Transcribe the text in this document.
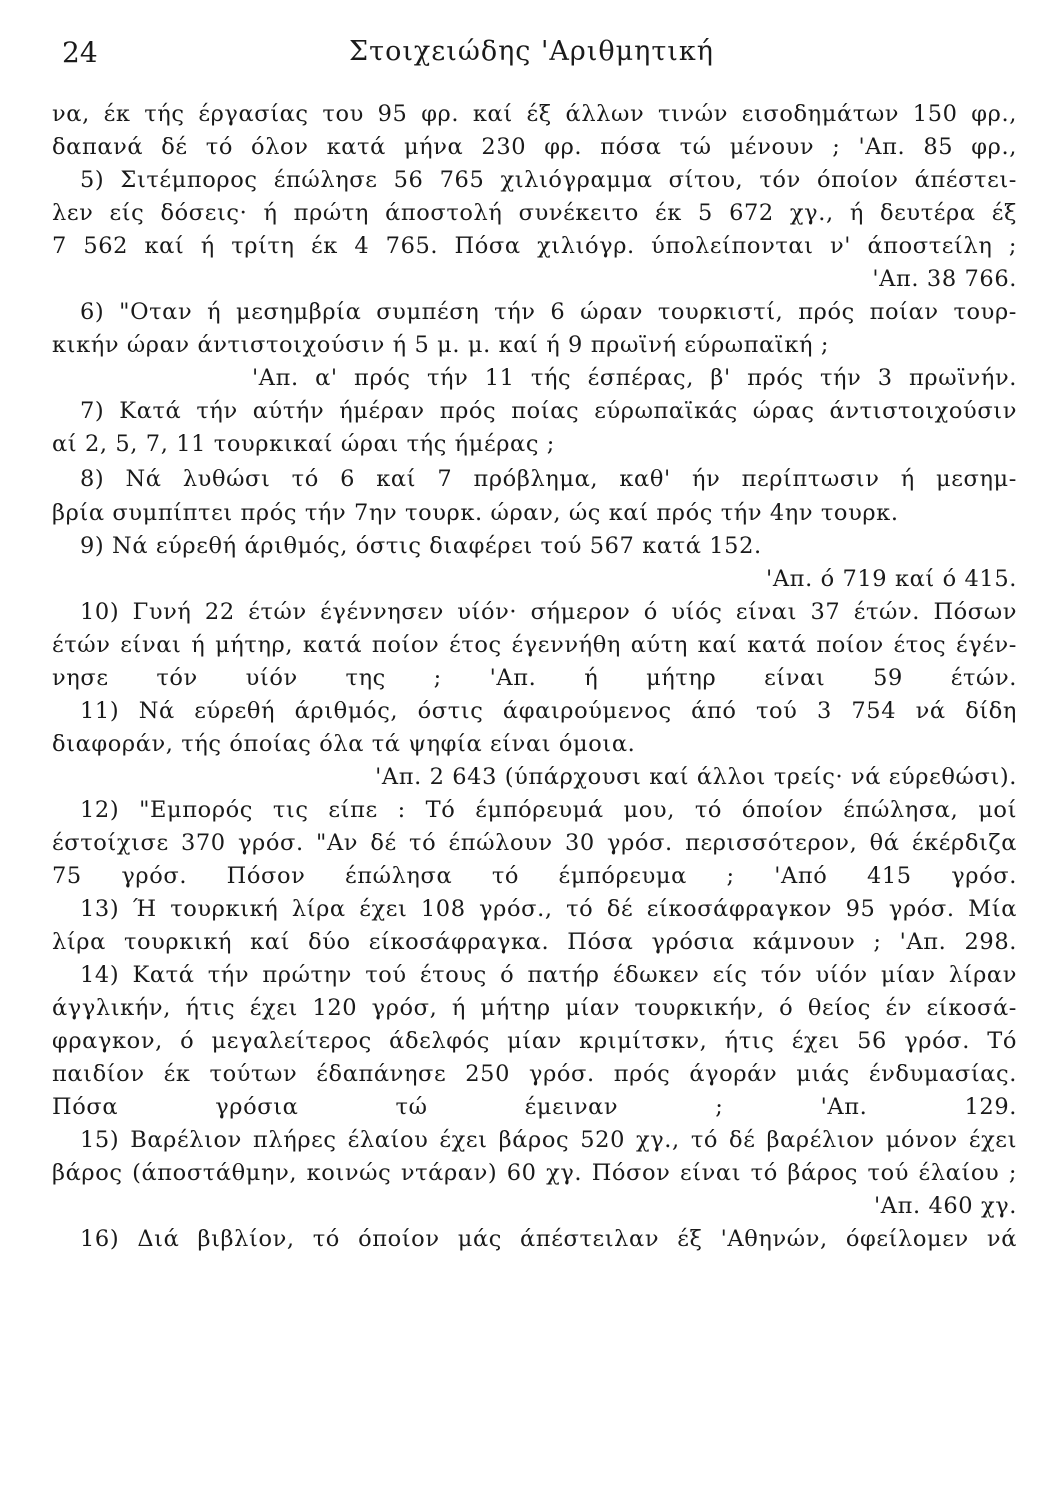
24	Στοιχειώδης 'Αριθμητική
να, έκ τής έργασίας του 95 φρ. καί έξ άλλων τινών εισοδημάτων 150 φρ.,
δαπανά δέ τό όλον κατά μήνα 230 φρ. πόσα τώ μένουν ; 'Απ. 85 φρ.,
5) Σιτέμπορος έπώλησε 56 765 χιλιόγραμμα σίτου, τόν όποίον άπέστει-
λεν είς δόσεις· ή πρώτη άποστολή συνέκειτο έκ 5 672 χγ., ή δευτέρα έξ
7 562 καί ή τρίτη έκ 4 765. Πόσα χιλιόγρ. ύπολείπονται ν' άποστείλη ;
'Απ. 38 766.
6) "Οταν ή μεσημβρία συμπέση τήν 6 ώραν τουρκιστί, πρός ποίαν τουρ-
κικήν ώραν άντιστοιχούσιν ή 5 μ. μ. καί ή 9 πρωϊνή εύρωπαϊκή ;
'Απ. α' πρός τήν 11 τής έσπέρας, β' πρός τήν 3 πρωϊνήν.
7) Κατά τήν αύτήν ήμέραν πρός ποίας εύρωπαϊκάς ώρας άντιστοιχούσιν
αί 2, 5, 7, 11 τουρκικαί ώραι τής ήμέρας ;
8) Νά λυθώσι τό 6 καί 7 πρόβλημα, καθ' ήν περίπτωσιν ή μεσημ-
βρία συμπίπτει πρός τήν 7ην τουρκ. ώραν, ώς καί πρός τήν 4ην τουρκ.
9) Νά εύρεθή άριθμός, όστις διαφέρει τού 567 κατά 152.
'Απ. ό 719 καί ό 415.
10) Γυνή 22 έτών έγέννησεν υίόν· σήμερον ό υίός είναι 37 έτών. Πόσων
έτών είναι ή μήτηρ, κατά ποίον έτος έγεννήθη αύτη καί κατά ποίον έτος έγέν-
νησε τόν υίόν της ; 'Απ. ή μήτηρ είναι 59 έτών.
11) Νά εύρεθή άριθμός, όστις άφαιρούμενος άπό τού 3 754 νά δίδη
διαφοράν, τής όποίας όλα τά ψηφία είναι όμοια.
'Απ. 2 643 (ύπάρχουσι καί άλλοι τρείς· νά εύρεθώσι).
12) "Εμπορός τις είπε : Τό έμπόρευμά μου, τό όποίον έπώλησα, μοί
έστοίχισε 370 γρόσ. "Αν δέ τό έπώλουν 30 γρόσ. περισσότερον, θά έκέρδιζα
75 γρόσ. Πόσον έπώλησα τό έμπόρευμα ; 'Από 415 γρόσ.
13) Ή τουρκική λίρα έχει 108 γρόσ., τό δέ είκοσάφραγκον 95 γρόσ. Μία
λίρα τουρκική καί δύο είκοσάφραγκα. Πόσα γρόσια κάμνουν ; 'Απ. 298.
14) Κατά τήν πρώτην τού έτους ό πατήρ έδωκεν είς τόν υίόν μίαν λίραν
άγγλικήν, ήτις έχει 120 γρόσ, ή μήτηρ μίαν τουρκικήν, ό θείος έν είκοσά-
φραγκον, ό μεγαλείτερος άδελφός μίαν κριμίτσκν, ήτις έχει 56 γρόσ. Τό
παιδίον έκ τούτων έδαπάνησε 250 γρόσ. πρός άγοράν μιάς ένδυμασίας.
Πόσα γρόσια τώ έμειναν ; 'Απ. 129.
15) Βαρέλιον πλήρες έλαίου έχει βάρος 520 χγ., τό δέ βαρέλιον μόνον έχει
βάρος (άποστάθμην, κοινώς ντάραν) 60 χγ. Πόσον είναι τό βάρος τού έλαίου ;
'Απ. 460 χγ.
16) Διά βιβλίον, τό όποίον μάς άπέστειλαν έξ 'Αθηνών, όφείλομεν νά
